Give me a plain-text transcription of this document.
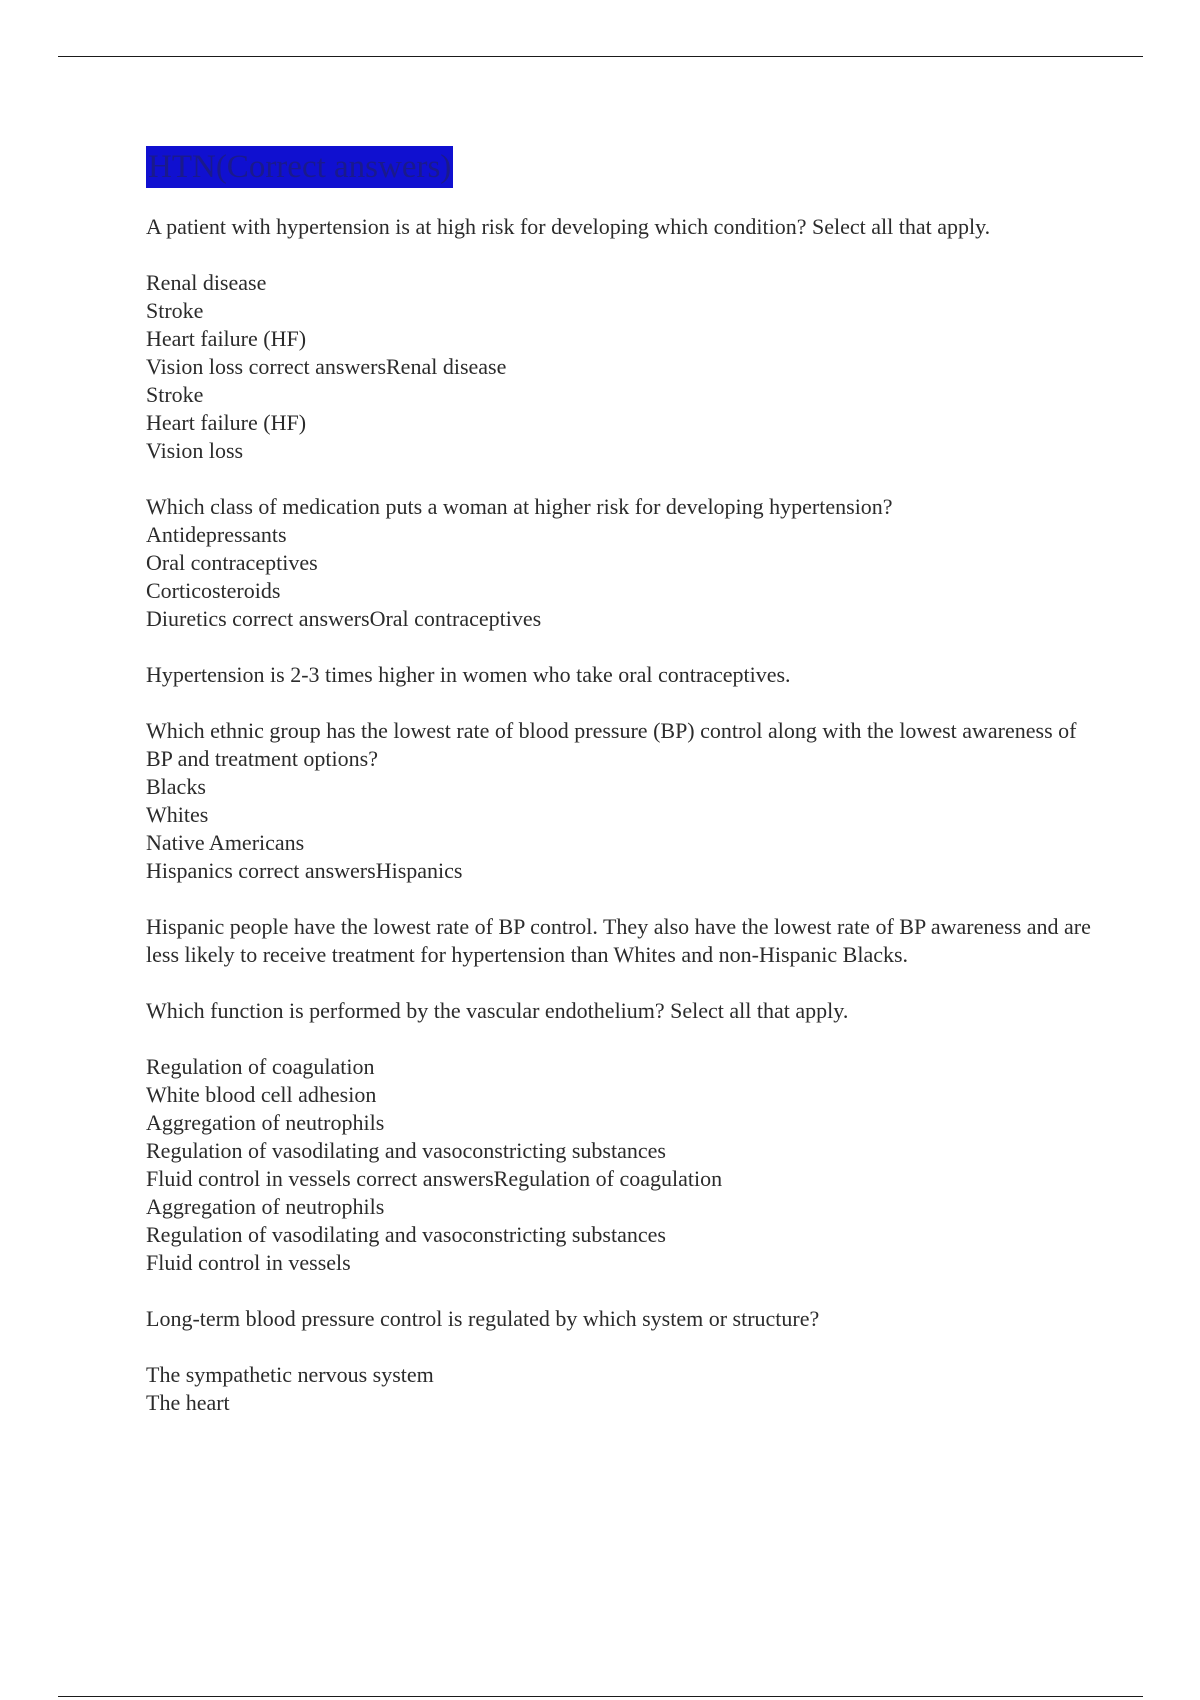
HTN(Correct answers)
A patient with hypertension is at high risk for developing which condition? Select all that apply.
Renal disease
Stroke
Heart failure (HF)
Vision loss correct answersRenal disease
Stroke
Heart failure (HF)
Vision loss
Which class of medication puts a woman at higher risk for developing hypertension?
Antidepressants
Oral contraceptives
Corticosteroids
Diuretics correct answersOral contraceptives
Hypertension is 2-3 times higher in women who take oral contraceptives.
Which ethnic group has the lowest rate of blood pressure (BP) control along with the lowest awareness of BP and treatment options?
Blacks
Whites
Native Americans
Hispanics correct answersHispanics
Hispanic people have the lowest rate of BP control. They also have the lowest rate of BP awareness and are less likely to receive treatment for hypertension than Whites and non-Hispanic Blacks.
Which function is performed by the vascular endothelium? Select all that apply.
Regulation of coagulation
White blood cell adhesion
Aggregation of neutrophils
Regulation of vasodilating and vasoconstricting substances
Fluid control in vessels correct answersRegulation of coagulation
Aggregation of neutrophils
Regulation of vasodilating and vasoconstricting substances
Fluid control in vessels
Long-term blood pressure control is regulated by which system or structure?
The sympathetic nervous system
The heart
